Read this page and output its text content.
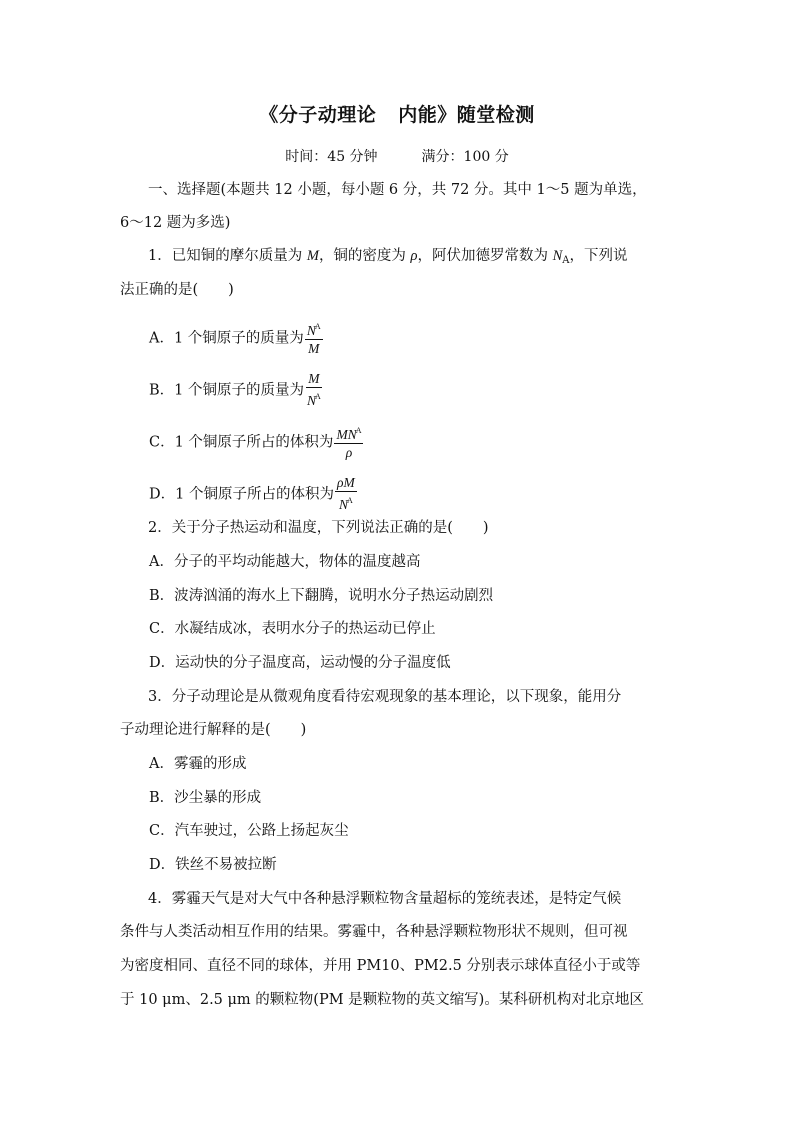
《分子动理论 内能》随堂检测
时间：45 分钟	满分：100 分
一、选择题(本题共 12 小题，每小题 6 分，共 72 分。其中 1～5 题为单选，
6～12 题为多选)
1．已知铜的摩尔质量为 M，铜的密度为 ρ，阿伏加德罗常数为 $N_A$，下列说
法正确的是( )
A．1 个铜原子的质量为 $\frac{N^A}{M}$
B．1 个铜原子的质量为 $\frac{M}{N^A}$
C．1 个铜原子所占的体积为 $\frac{MN^A}{\rho}$
D．1 个铜原子所占的体积为 $\frac{\rho M}{N^A}$
2．关于分子热运动和温度，下列说法正确的是( )
A．分子的平均动能越大，物体的温度越高
B．波涛汹涌的海水上下翻腾，说明水分子热运动剧烈
C．水凝结成冰，表明水分子的热运动已停止
D．运动快的分子温度高，运动慢的分子温度低
3．分子动理论是从微观角度看待宏观现象的基本理论，以下现象，能用分
子动理论进行解释的是( )
A．雾霾的形成
B．沙尘暴的形成
C．汽车驶过，公路上扬起灰尘
D．铁丝不易被拉断
4．雾霾天气是对大气中各种悬浮颗粒物含量超标的笼统表述，是特定气候
条件与人类活动相互作用的结果。雾霾中，各种悬浮颗粒物形状不规则，但可视
为密度相同、直径不同的球体，并用 PM10、PM2.5 分别表示球体直径小于或等
于 10 μm、2.5 μm 的颗粒物(PM 是颗粒物的英文缩写)。某科研机构对北京地区
